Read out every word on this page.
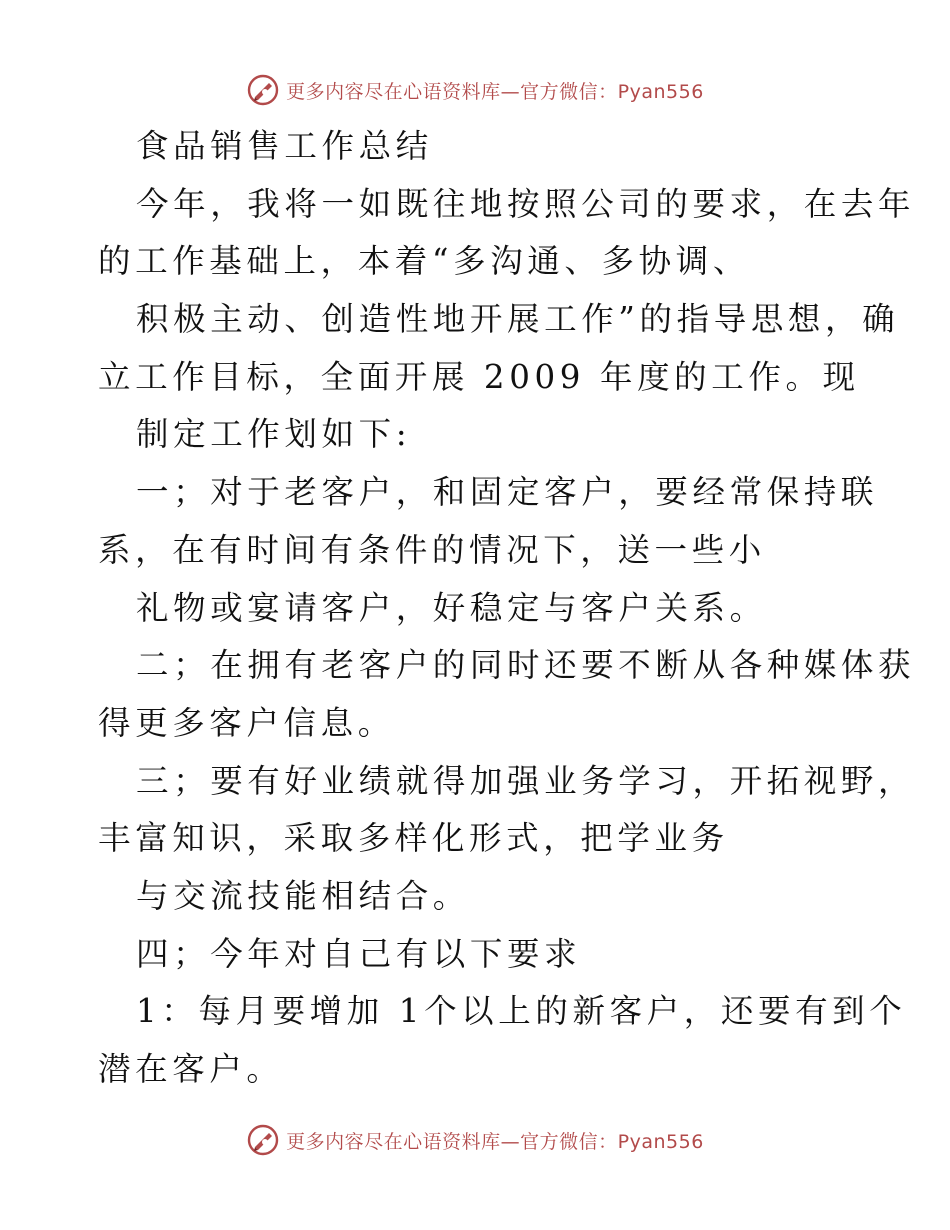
更多内容尽在心语资料库—官方微信：Pyan556
食品销售工作总结
今年，我将一如既往地按照公司的要求，在去年
的工作基础上，本着“多沟通、多协调、
积极主动、创造性地开展工作”的指导思想，确
立工作目标，全面开展 2009 年度的工作。现
制定工作划如下:
一；对于老客户，和固定客户，要经常保持联
系，在有时间有条件的情况下，送一些小
礼物或宴请客户，好稳定与客户关系。
二；在拥有老客户的同时还要不断从各种媒体获
得更多客户信息。
三；要有好业绩就得加强业务学习，开拓视野，
丰富知识，采取多样化形式，把学业务
与交流技能相结合。
四；今年对自己有以下要求
1：每月要增加 1个以上的新客户，还要有到个
潜在客户。
更多内容尽在心语资料库—官方微信：Pyan556
